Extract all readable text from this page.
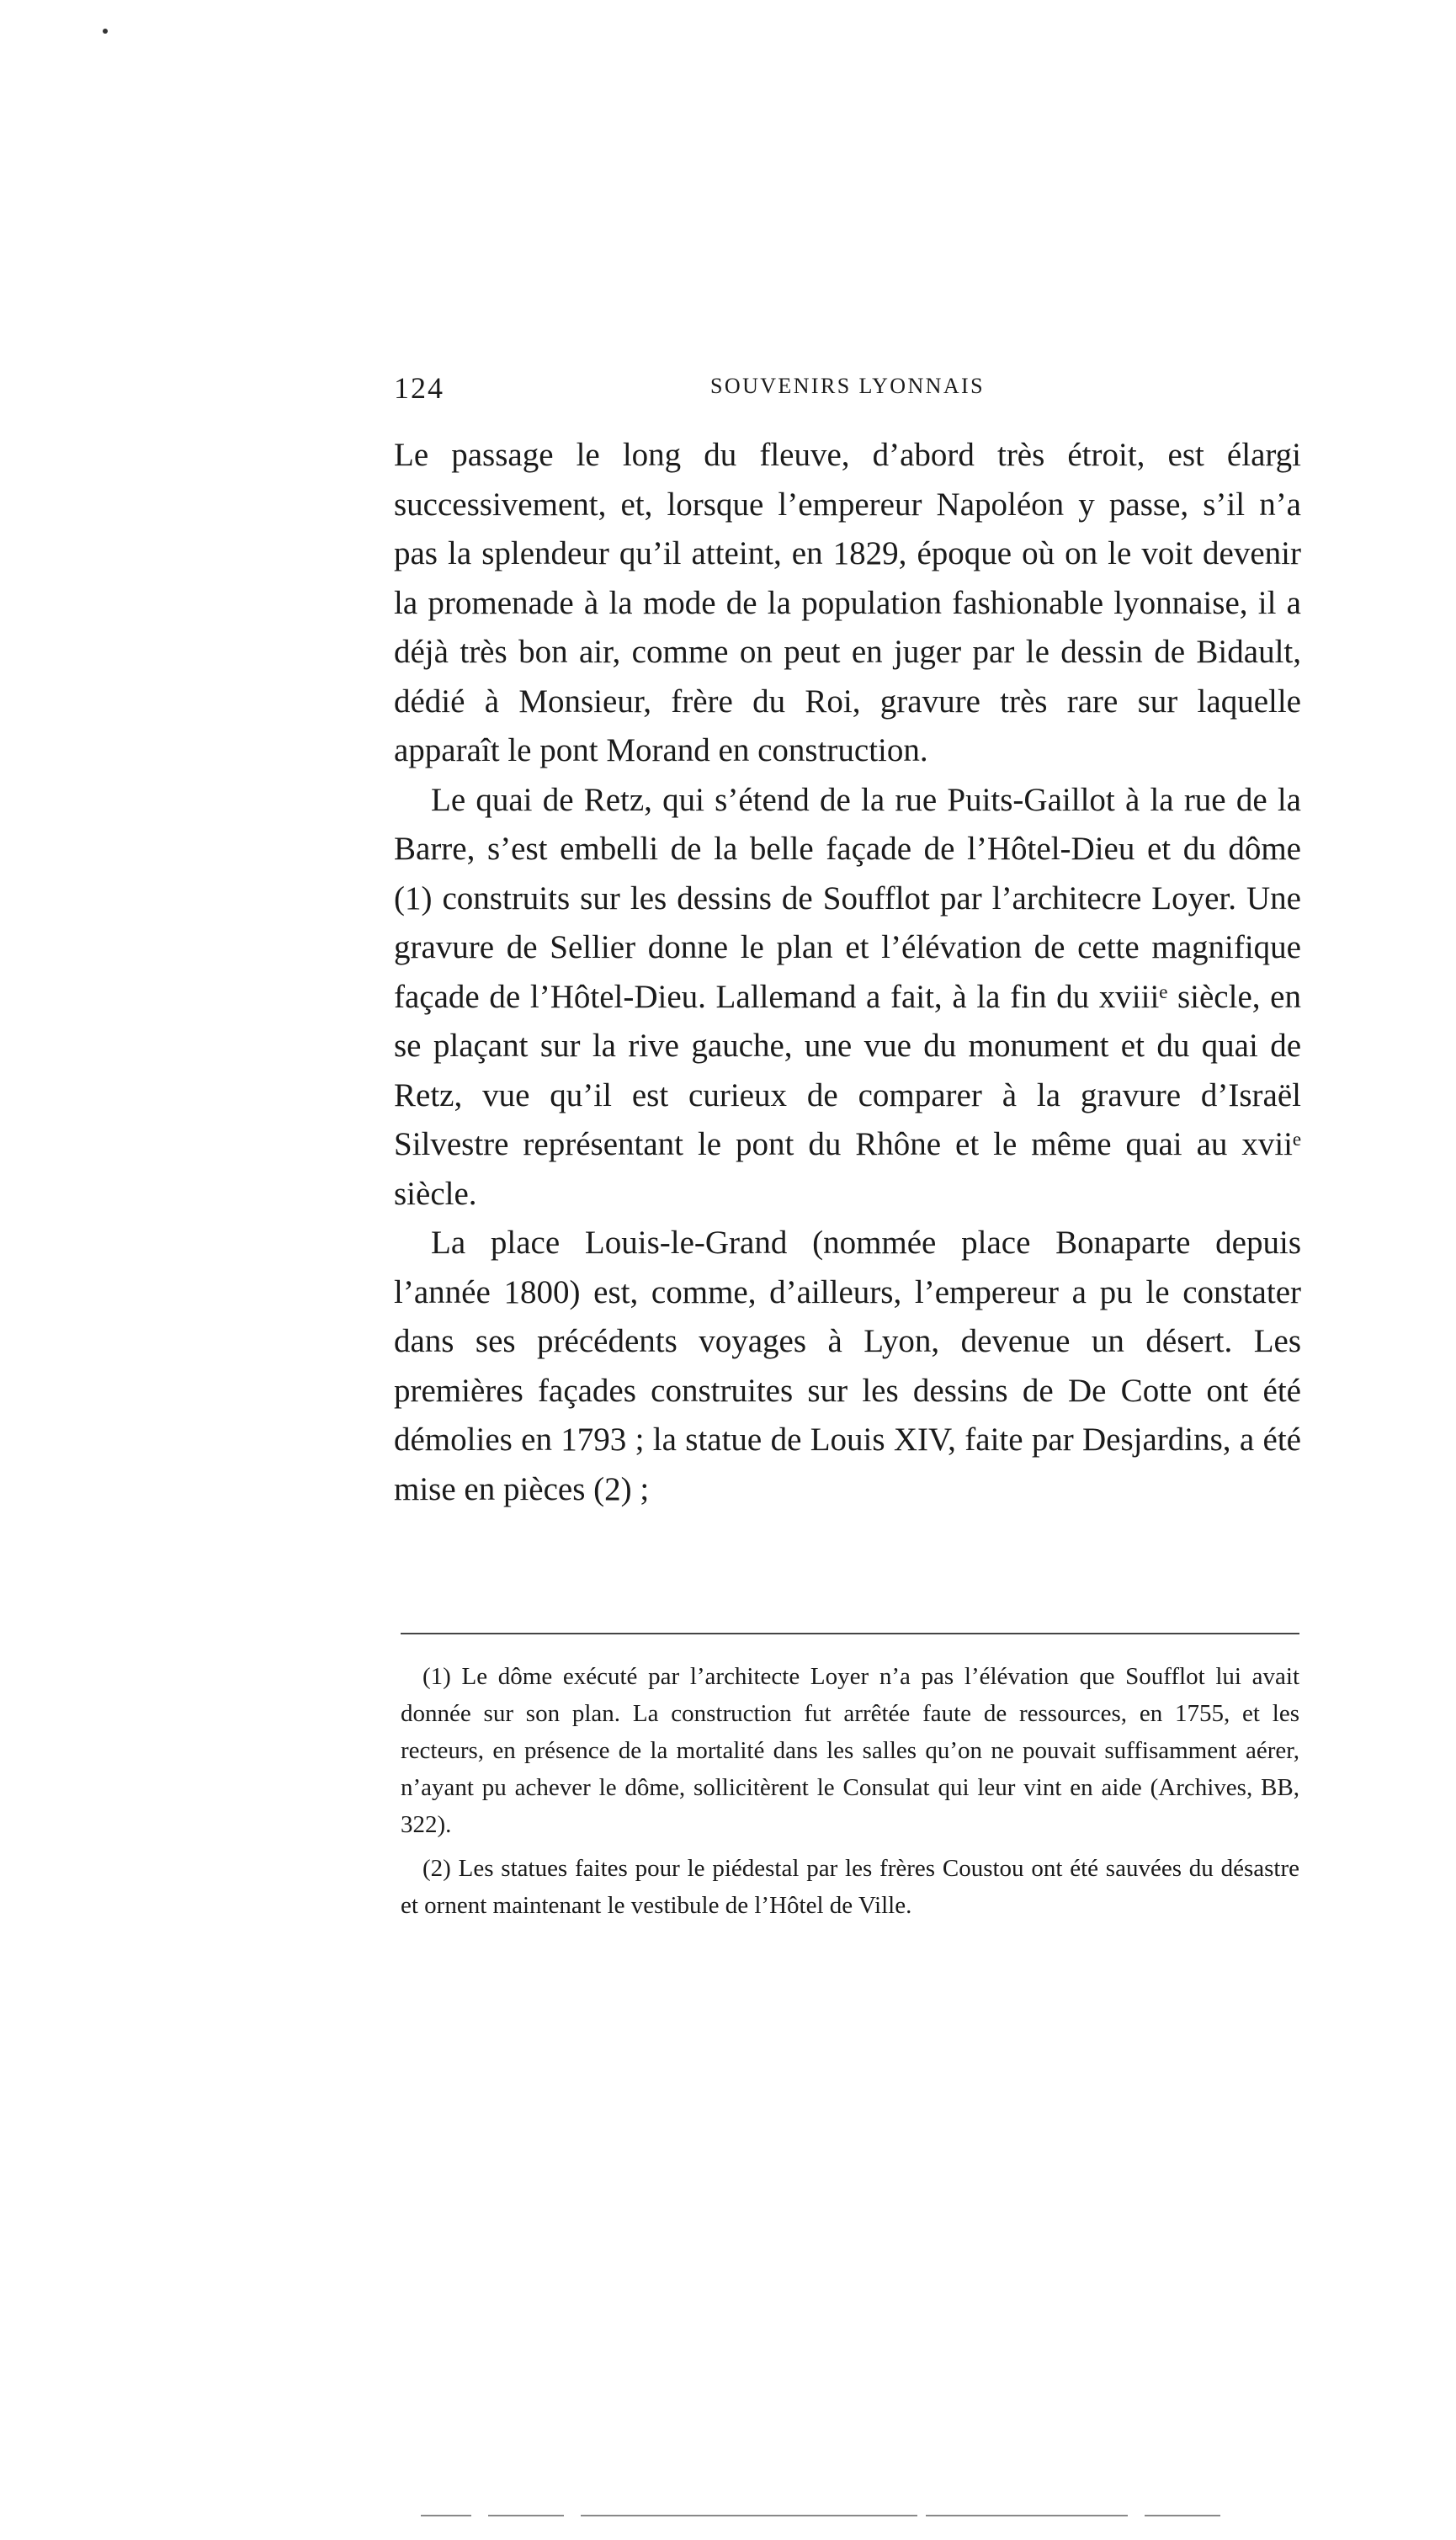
124	SOUVENIRS LYONNAIS

Le passage le long du fleuve, d’abord très étroit, est élargi successivement, et, lorsque l’empereur Napoléon y passe, s’il n’a pas la splendeur qu’il atteint, en 1829, époque où on le voit devenir la promenade à la mode de la population fashionable lyonnaise, il a déjà très bon air, comme on peut en juger par le dessin de Bidault, dédié à Monsieur, frère du Roi, gravure très rare sur laquelle apparaît le pont Morand en construction.

Le quai de Retz, qui s’étend de la rue Puits-Gaillot à la rue de la Barre, s’est embelli de la belle façade de l’Hôtel-Dieu et du dôme (1) construits sur les dessins de Soufflot par l’architecre Loyer. Une gravure de Sellier donne le plan et l’élévation de cette magnifique façade de l’Hôtel-Dieu. Lallemand a fait, à la fin du xviiiᵉ siècle, en se plaçant sur la rive gauche, une vue du monument et du quai de Retz, vue qu’il est curieux de comparer à la gravure d’Israël Silvestre représentant le pont du Rhône et le même quai au xviiᵉ siècle.

La place Louis-le-Grand (nommée place Bonaparte depuis l’année 1800) est, comme, d’ailleurs, l’empereur a pu le constater dans ses précédents voyages à Lyon, devenue un désert. Les premières façades construites sur les dessins de De Cotte ont été démolies en 1793 ; la statue de Louis XIV, faite par Desjardins, a été mise en pièces (2) ;

(1) Le dôme exécuté par l’architecte Loyer n’a pas l’élévation que Soufflot lui avait donnée sur son plan. La construction fut arrêtée faute de ressources, en 1755, et les recteurs, en présence de la mortalité dans les salles qu’on ne pouvait suffisamment aérer, n’ayant pu achever le dôme, sollicitèrent le Consulat qui leur vint en aide (Archives, BB, 322).

(2) Les statues faites pour le piédestal par les frères Coustou ont été sauvées du désastre et ornent maintenant le vestibule de l’Hôtel de Ville.
